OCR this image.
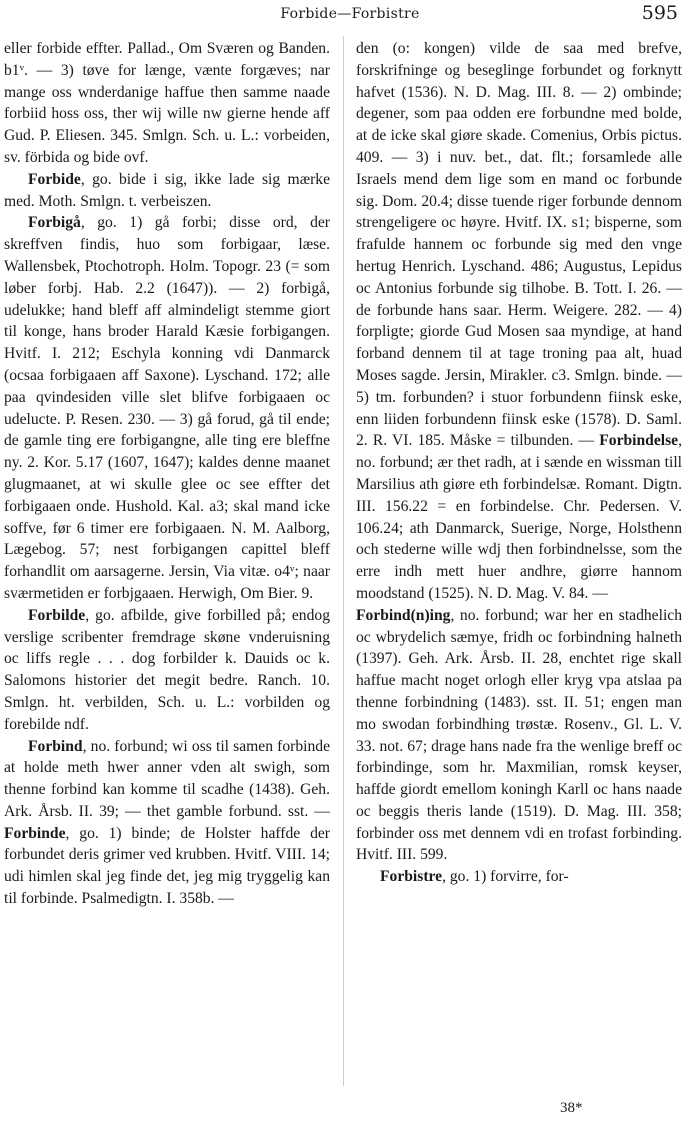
Forbide—Forbistre	595

eller forbide effter. Pallad., Om Sværen og Banden. b1ᵛ. — 3) tøve for længe, vænte forgæves; nar mange oss wnderdanige haffue then samme naade forbiid hoss oss, ther wij wille nw gierne hende aff Gud. P. Eliesen. 345. Smlgn. Sch. u. L.: vorbeiden, sv. förbida og bide ovf.

Forbide, go. bide i sig, ikke lade sig mærke med. Moth. Smlgn. t. verbeiszen.

Forbigå, go. 1) gå forbi; disse ord, der skreffven findis, huo som forbigaar, læse. Wallensbek, Ptochotroph. Holm. Topogr. 23 (= som løber forbj. Hab. 2.2 (1647)). — 2) forbigå, udelukke; hand bleff aff almindeligt stemme giort til konge, hans broder Harald Kæsie forbigangen. Hvitf. I. 212; Eschyla konning vdi Danmarck (ocsaa forbigaaen aff Saxone). Lyschand. 172; alle paa qvindesiden ville slet blifve forbigaaen oc udelucte. P. Resen. 230. — 3) gå forud, gå til ende; de gamle ting ere forbigangne, alle ting ere bleffne ny. 2. Kor. 5.17 (1607, 1647); kaldes denne maanet glugmaanet, at wi skulle glee oc see effter det forbigaaen onde. Hushold. Kal. a3; skal mand icke soffve, før 6 timer ere forbigaaen. N. M. Aalborg, Lægebog. 57; nest forbigangen capittel bleff forhandlit om aarsagerne. Jersin, Via vitæ. o4ᵛ; naar sværmetiden er forbjgaaen. Herwigh, Om Bier. 9.

Forbilde, go. afbilde, give forbilled på; endog verslige scribenter fremdrage skøne vnderuisning oc liffs regle . . . dog forbilder k. Dauids oc k. Salomons historier det megit bedre. Ranch. 10. Smlgn. ht. verbilden, Sch. u. L.: vorbilden og forebilde ndf.

Forbind, no. forbund; wi oss til samen forbinde at holde meth hwer anner vden alt swigh, som thenne forbind kan komme til scadhe (1438). Geh. Ark. Årsb. II. 39; — thet gamble forbund. sst. — Forbinde, go. 1) binde; de Holster haffde der forbundet deris grimer ved krubben. Hvitf. VIII. 14; udi himlen skal jeg finde det, jeg mig tryggelig kan til forbinde. Psalmedigtn. I. 358b. —

den (o: kongen) vilde de saa med brefve, forskrifninge og beseglinge forbundet og forknytt hafvet (1536). N. D. Mag. III. 8. — 2) ombinde; degener, som paa odden ere forbundne med bolde, at de icke skal giøre skade. Comenius, Orbis pictus. 409. — 3) i nuv. bet., dat. flt.; forsamlede alle Israels mend dem lige som en mand oc forbunde sig. Dom. 20.4; disse tuende riger forbunde dennom strengeligere oc høyre. Hvitf. IX. s1; bisperne, som frafulde hannem oc forbunde sig med den vnge hertug Henrich. Lyschand. 486; Augustus, Lepidus oc Antonius forbunde sig tilhobe. B. Tott. I. 26. — de forbunde hans saar. Herm. Weigere. 282. — 4) forpligte; giorde Gud Mosen saa myndige, at hand forband dennem til at tage troning paa alt, huad Moses sagde. Jersin, Mirakler. c3. Smlgn. binde. — 5) tm. forbunden? i stuor forbundenn fiinsk eske, enn liiden forbundenn fiinsk eske (1578). D. Saml. 2. R. VI. 185. Måske = tilbunden. — Forbindelse, no. forbund; ær thet radh, at i sænde en wissman till Marsilius ath giøre eth forbindelsæ. Romant. Digtn. III. 156.22 = en forbindelse. Chr. Pedersen. V. 106.24; ath Danmarck, Suerige, Norge, Holsthenn och stederne wille wdj then forbindnelsse, som the erre indh mett huer andhre, giørre hannom moodstand (1525). N. D. Mag. V. 84. —

Forbind(n)ing, no. forbund; war her en stadhelich oc wbrydelich sæmye, fridh oc forbindning halneth (1397). Geh. Ark. Årsb. II. 28, enchtet rige skall haffue macht noget orlogh eller kryg vpa atslaa pa thenne forbindning (1483). sst. II. 51; engen man mo swodan forbindhing trøstæ. Rosenv., Gl. L. V. 33. not. 67; drage hans nade fra the wenlige breff oc forbindinge, som hr. Maxmilian, romsk keyser, haffde giordt emellom koningh Karll oc hans naade oc beggis theris lande (1519). D. Mag. III. 358; forbinder oss met dennem vdi en trofast forbinding. Hvitf. III. 599.

Forbistre, go. 1) forvirre, for-

38*
